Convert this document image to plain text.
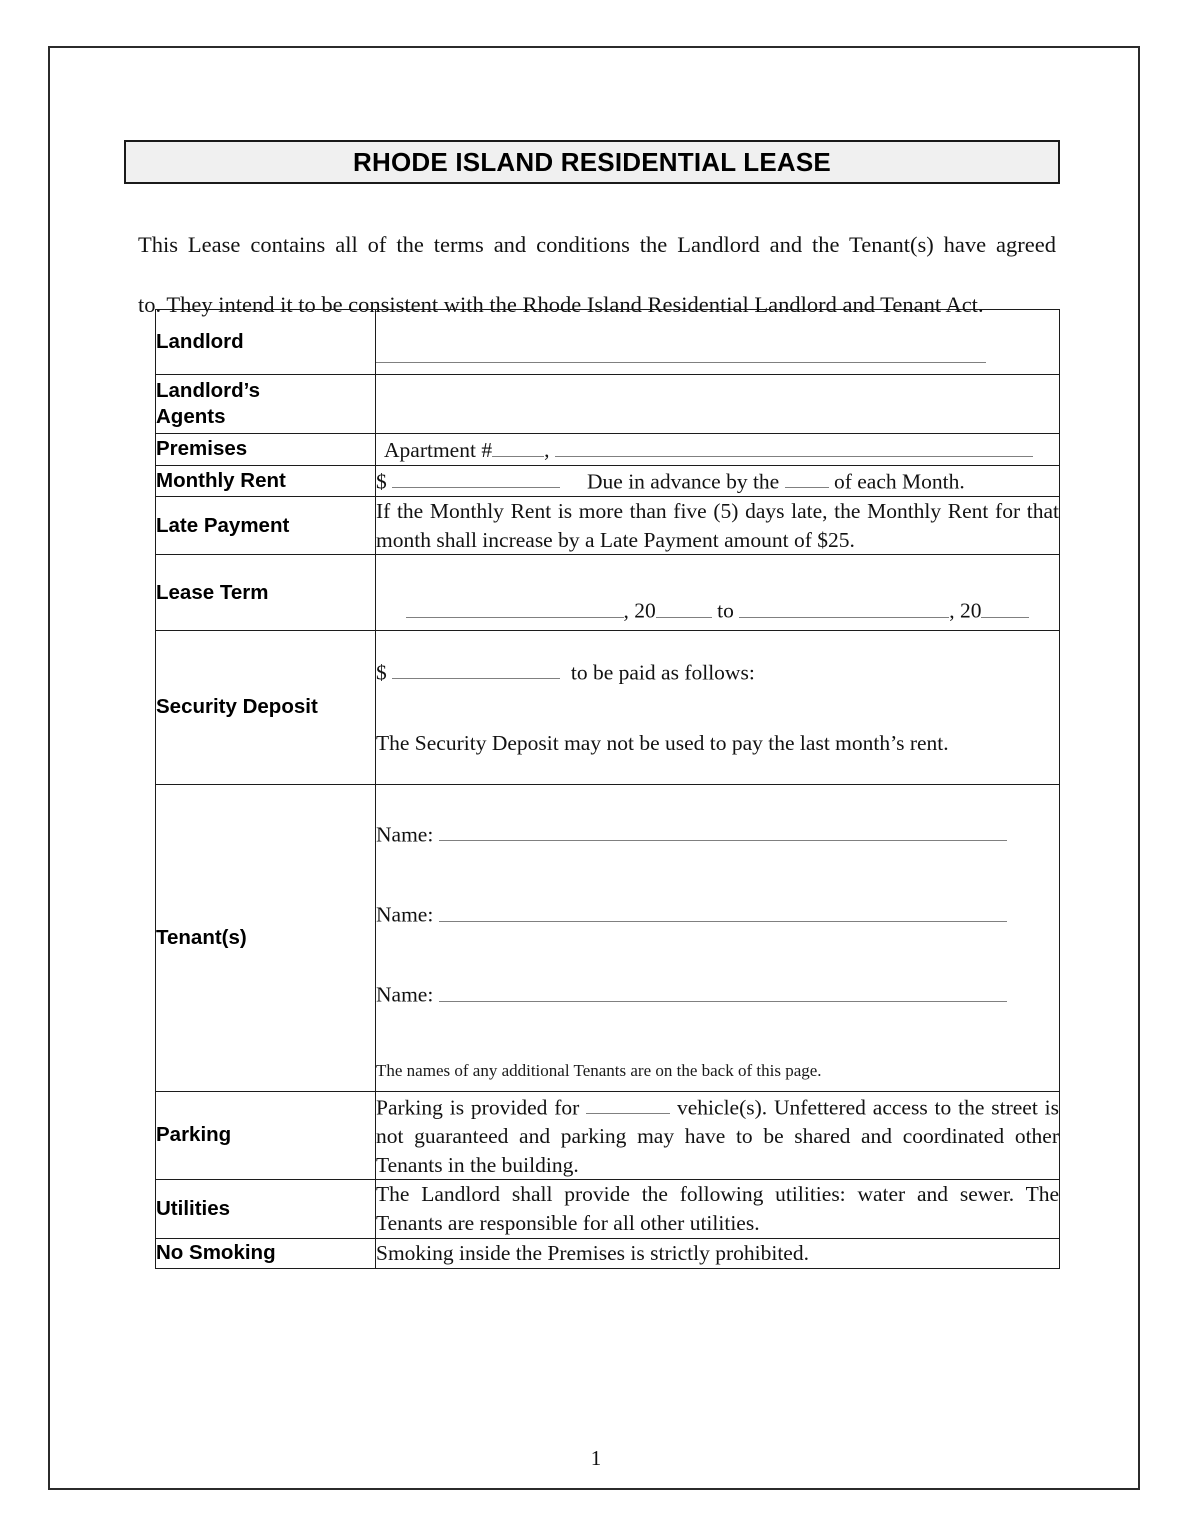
RHODE ISLAND RESIDENTIAL LEASE
This Lease contains all of the terms and conditions the Landlord and the Tenant(s) have agreed
to. They intend it to be consistent with the Rhode Island Residential Landlord and Tenant Act.
Landlord	

Landlord’s
Agents	

Premises	Apartment # ,
Monthly Rent	$ Due in advance by the of each Month.
Late Payment	If the Monthly Rent is more than five (5) days late, the Monthly Rent for that month shall increase by a Late Payment amount of $25.
Lease Term	, 20 to , 20

Security Deposit	$ to be paid as follows:
The Security Deposit may not be used to pay the last month’s rent.

Tenant(s)	Name:
Name:
Name:
The names of any additional Tenants are on the back of this page.

Parking	Parking is provided for vehicle(s). Unfettered access to the street is not guaranteed and parking may have to be shared and coordinated other Tenants in the building.
Utilities	The Landlord shall provide the following utilities: water and sewer. The Tenants are responsible for all other utilities.
No Smoking	Smoking inside the Premises is strictly prohibited.
1
